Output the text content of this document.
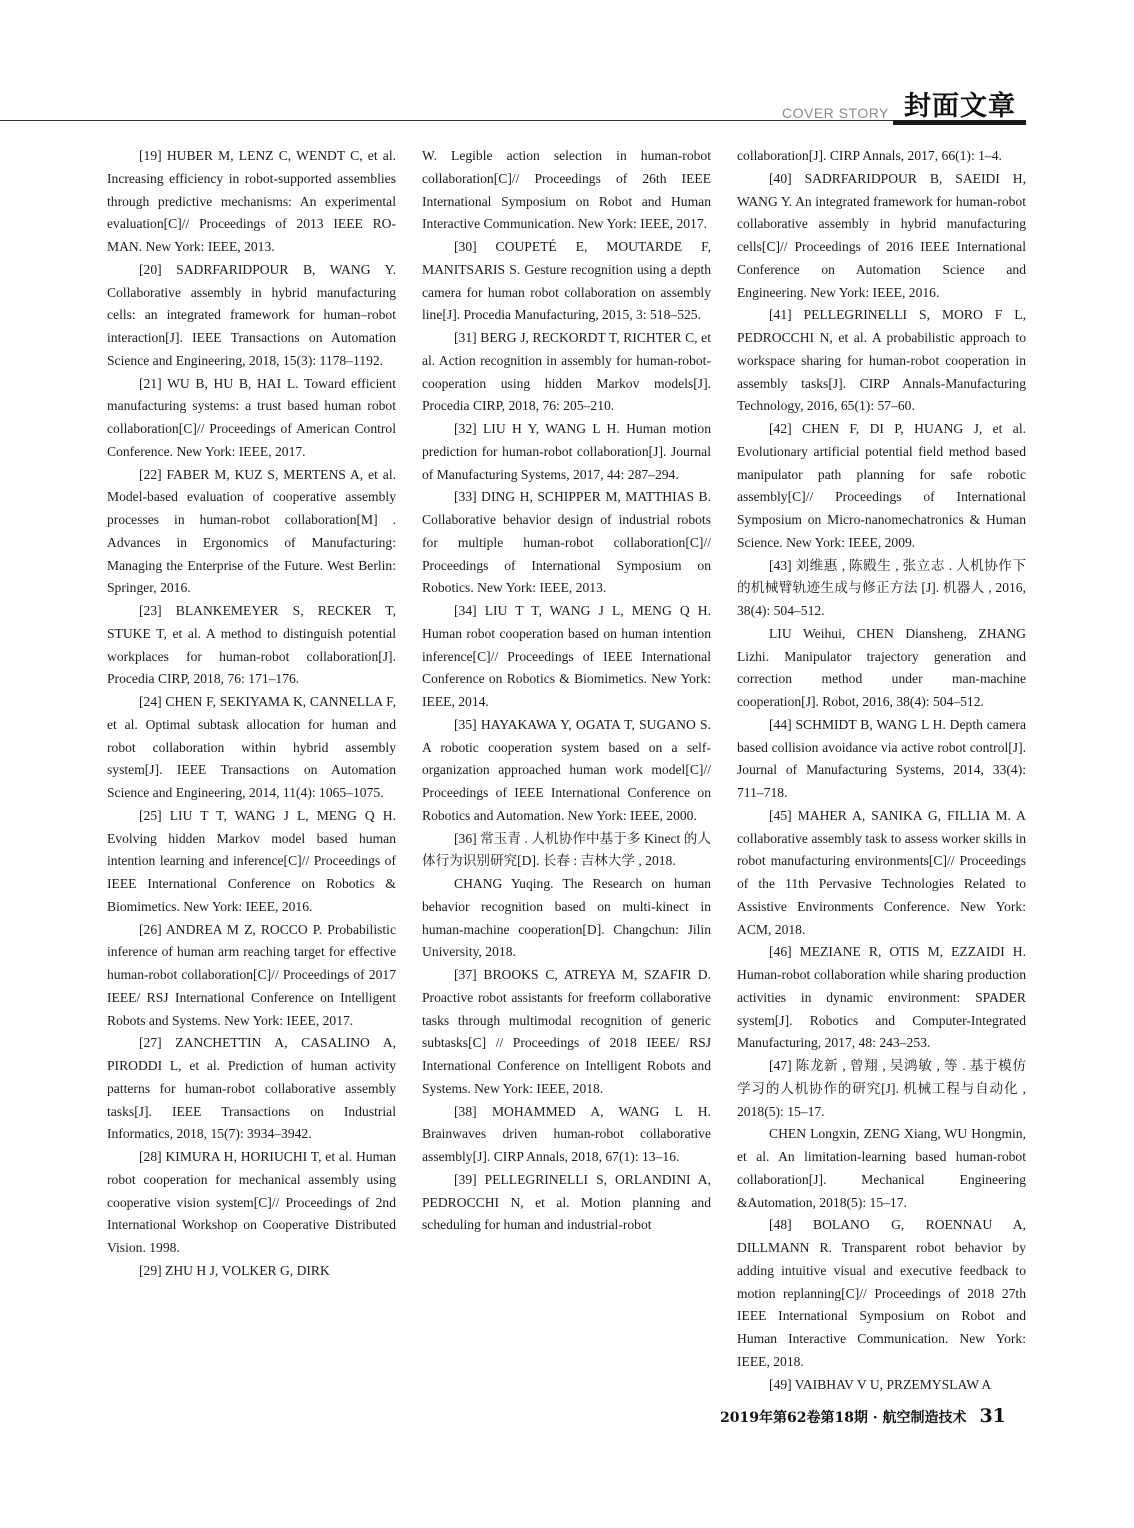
COVER STORY 封面文章

[19] HUBER M, LENZ C, WENDT C, et al. Increasing efficiency in robot-supported assemblies through predictive mechanisms: An experimental evaluation[C]// Proceedings of 2013 IEEE RO-MAN. New York: IEEE, 2013.

[20] SADRFARIDPOUR B, WANG Y. Collaborative assembly in hybrid manufacturing cells: an integrated framework for human–robot interaction[J]. IEEE Transactions on Automation Science and Engineering, 2018, 15(3): 1178–1192.

[21] WU B, HU B, HAI L. Toward efficient manufacturing systems: a trust based human robot collaboration[C]// Proceedings of American Control Conference. New York: IEEE, 2017.

[22] FABER M, KUZ S, MERTENS A, et al. Model-based evaluation of cooperative assembly processes in human-robot collaboration[M] . Advances in Ergonomics of Manufacturing: Managing the Enterprise of the Future. West Berlin: Springer, 2016.

[23] BLANKEMEYER S, RECKER T, STUKE T, et al. A method to distinguish potential workplaces for human-robot collaboration[J]. Procedia CIRP, 2018, 76: 171–176.

[24] CHEN F, SEKIYAMA K, CANNELLA F, et al. Optimal subtask allocation for human and robot collaboration within hybrid assembly system[J]. IEEE Transactions on Automation Science and Engineering, 2014, 11(4): 1065–1075.

[25] LIU T T, WANG J L, MENG Q H. Evolving hidden Markov model based human intention learning and inference[C]// Proceedings of IEEE International Conference on Robotics & Biomimetics. New York: IEEE, 2016.

[26] ANDREA M Z, ROCCO P. Probabilistic inference of human arm reaching target for effective human-robot collaboration[C]// Proceedings of 2017 IEEE/ RSJ International Conference on Intelligent Robots and Systems. New York: IEEE, 2017.

[27] ZANCHETTIN A, CASALINO A, PIRODDI L, et al. Prediction of human activity patterns for human-robot collaborative assembly tasks[J]. IEEE Transactions on Industrial Informatics, 2018, 15(7): 3934–3942.

[28] KIMURA H, HORIUCHI T, et al. Human robot cooperation for mechanical assembly using cooperative vision system[C]// Proceedings of 2nd International Workshop on Cooperative Distributed Vision. 1998.

[29] ZHU H J, VOLKER G, DIRK

W. Legible action selection in human-robot collaboration[C]// Proceedings of 26th IEEE International Symposium on Robot and Human Interactive Communication. New York: IEEE, 2017.

[30] COUPETÉ E, MOUTARDE F, MANITSARIS S. Gesture recognition using a depth camera for human robot collaboration on assembly line[J]. Procedia Manufacturing, 2015, 3: 518–525.

[31] BERG J, RECKORDT T, RICHTER C, et al. Action recognition in assembly for human-robot-cooperation using hidden Markov models[J]. Procedia CIRP, 2018, 76: 205–210.

[32] LIU H Y, WANG L H. Human motion prediction for human-robot collaboration[J]. Journal of Manufacturing Systems, 2017, 44: 287–294.

[33] DING H, SCHIPPER M, MATTHIAS B. Collaborative behavior design of industrial robots for multiple human-robot collaboration[C]// Proceedings of International Symposium on Robotics. New York: IEEE, 2013.

[34] LIU T T, WANG J L, MENG Q H. Human robot cooperation based on human intention inference[C]// Proceedings of IEEE International Conference on Robotics & Biomimetics. New York: IEEE, 2014.

[35] HAYAKAWA Y, OGATA T, SUGANO S. A robotic cooperation system based on a self-organization approached human work model[C]// Proceedings of IEEE International Conference on Robotics and Automation. New York: IEEE, 2000.

[36] 常玉青 . 人机协作中基于多 Kinect 的人体行为识别研究[D]. 长春 : 吉林大学 , 2018.

CHANG Yuqing. The Research on human behavior recognition based on multi-kinect in human-machine cooperation[D]. Changchun: Jilin University, 2018.

[37] BROOKS C, ATREYA M, SZAFIR D. Proactive robot assistants for freeform collaborative tasks through multimodal recognition of generic subtasks[C] // Proceedings of 2018 IEEE/ RSJ International Conference on Intelligent Robots and Systems. New York: IEEE, 2018.

[38] MOHAMMED A, WANG L H. Brainwaves driven human-robot collaborative assembly[J]. CIRP Annals, 2018, 67(1): 13–16.

[39] PELLEGRINELLI S, ORLANDINI A, PEDROCCHI N, et al. Motion planning and scheduling for human and industrial-robot

collaboration[J]. CIRP Annals, 2017, 66(1): 1–4.

[40] SADRFARIDPOUR B, SAEIDI H, WANG Y. An integrated framework for human-robot collaborative assembly in hybrid manufacturing cells[C]// Proceedings of 2016 IEEE International Conference on Automation Science and Engineering. New York: IEEE, 2016.

[41] PELLEGRINELLI S, MORO F L, PEDROCCHI N, et al. A probabilistic approach to workspace sharing for human-robot cooperation in assembly tasks[J]. CIRP Annals-Manufacturing Technology, 2016, 65(1): 57–60.

[42] CHEN F, DI P, HUANG J, et al. Evolutionary artificial potential field method based manipulator path planning for safe robotic assembly[C]// Proceedings of International Symposium on Micro-nanomechatronics & Human Science. New York: IEEE, 2009.

[43] 刘维惠 , 陈殿生 , 张立志 . 人机协作下的机械臂轨迹生成与修正方法 [J]. 机器人 , 2016, 38(4): 504–512.

LIU Weihui, CHEN Diansheng, ZHANG Lizhi. Manipulator trajectory generation and correction method under man-machine cooperation[J]. Robot, 2016, 38(4): 504–512.

[44] SCHMIDT B, WANG L H. Depth camera based collision avoidance via active robot control[J]. Journal of Manufacturing Systems, 2014, 33(4): 711–718.

[45] MAHER A, SANIKA G, FILLIA M. A collaborative assembly task to assess worker skills in robot manufacturing environments[C]// Proceedings of the 11th Pervasive Technologies Related to Assistive Environments Conference. New York: ACM, 2018.

[46] MEZIANE R, OTIS M, EZZAIDI H. Human-robot collaboration while sharing production activities in dynamic environment: SPADER system[J]. Robotics and Computer-Integrated Manufacturing, 2017, 48: 243–253.

[47] 陈龙新 , 曾翔 , 吴鸿敏 , 等 . 基于模仿学习的人机协作的研究[J]. 机械工程与自动化 , 2018(5): 15–17.

CHEN Longxin, ZENG Xiang, WU Hongmin, et al. An limitation-learning based human-robot collaboration[J]. Mechanical Engineering &Automation, 2018(5): 15–17.

[48] BOLANO G, ROENNAU A, DILLMANN R. Transparent robot behavior by adding intuitive visual and executive feedback to motion replanning[C]// Proceedings of 2018 27th IEEE International Symposium on Robot and Human Interactive Communication. New York: IEEE, 2018.

[49] VAIBHAV V U, PRZEMYSLAW A

2019年第62卷第18期 · 航空制造技术 31
